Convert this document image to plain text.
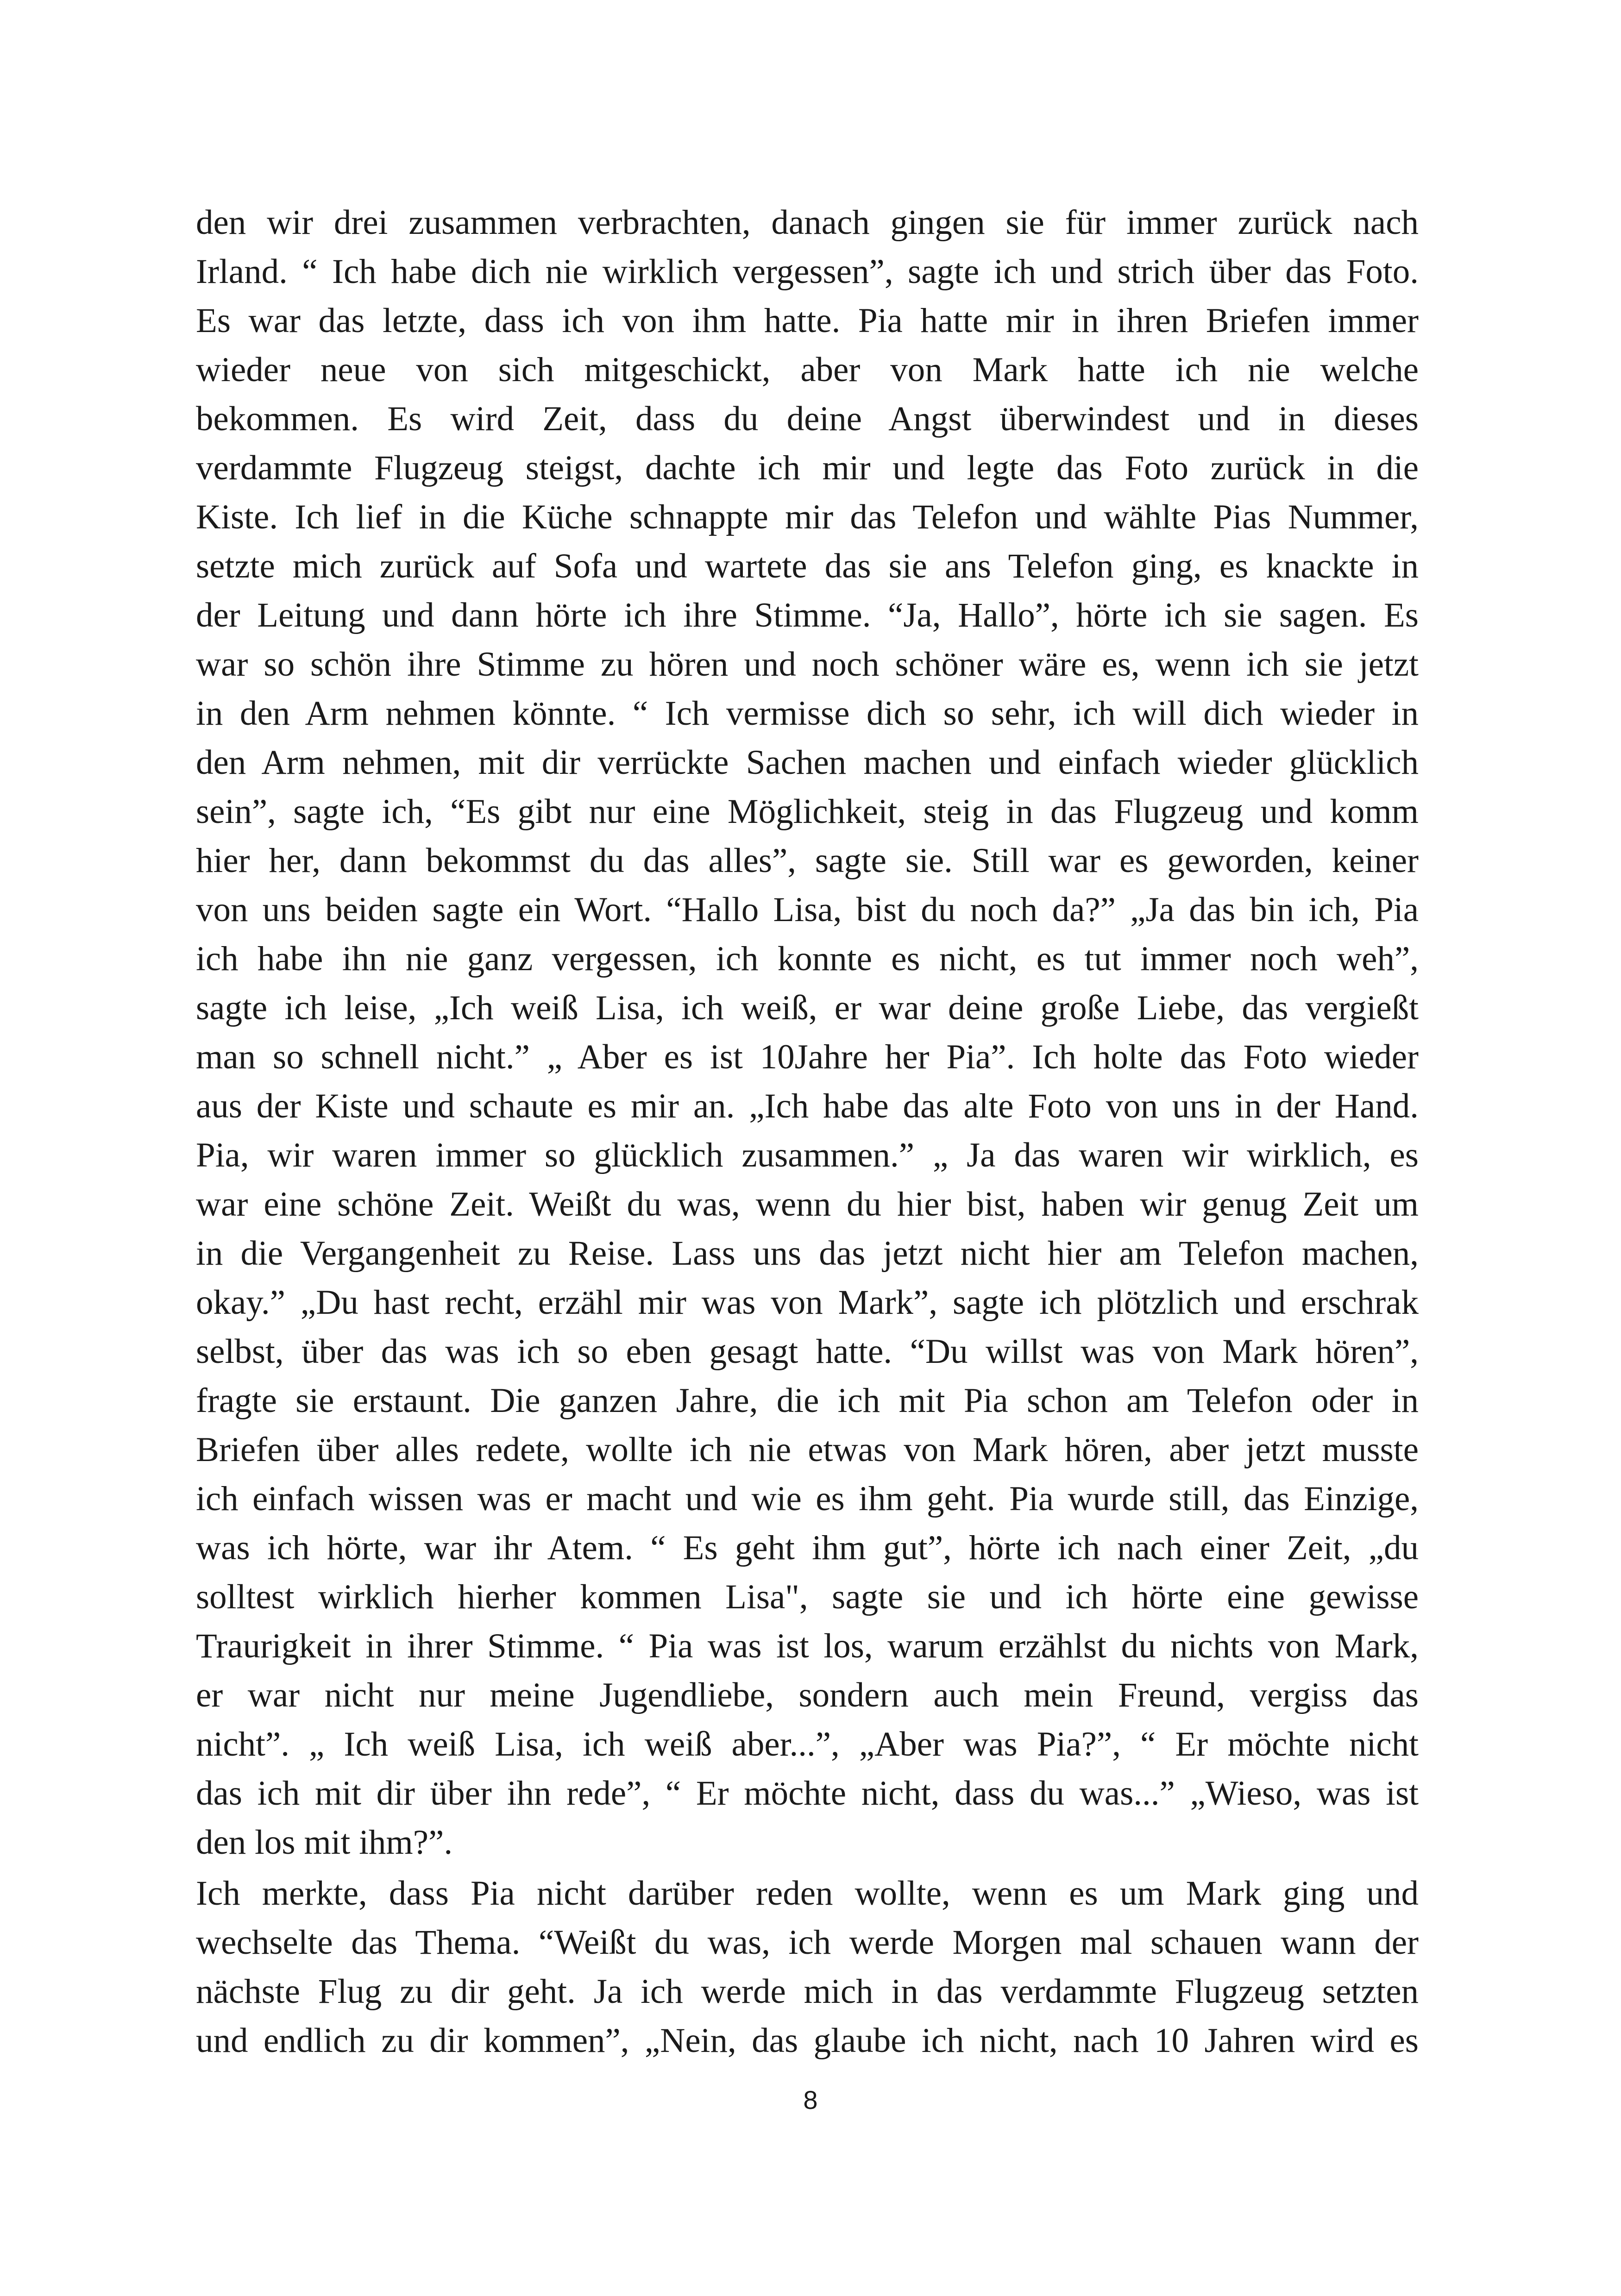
den wir drei zusammen verbrachten, danach gingen sie für immer zurück nach
Irland. “ Ich habe dich nie wirklich vergessen”, sagte ich und strich über das Foto.
Es war das letzte, dass ich von ihm hatte. Pia hatte mir in ihren Briefen immer
wieder neue von sich mitgeschickt, aber von Mark hatte ich nie welche
bekommen. Es wird Zeit, dass du deine Angst überwindest und in dieses
verdammte Flugzeug steigst, dachte ich mir und legte das Foto zurück in die
Kiste. Ich lief in die Küche schnappte mir das Telefon und wählte Pias Nummer,
setzte mich zurück auf Sofa und wartete das sie ans Telefon ging, es knackte in
der Leitung und dann hörte ich ihre Stimme. “Ja, Hallo”, hörte ich sie sagen. Es
war so schön ihre Stimme zu hören und noch schöner wäre es, wenn ich sie jetzt
in den Arm nehmen könnte. “ Ich vermisse dich so sehr, ich will dich wieder in
den Arm nehmen, mit dir verrückte Sachen machen und einfach wieder glücklich
sein”, sagte ich, “Es gibt nur eine Möglichkeit, steig in das Flugzeug und komm
hier her, dann bekommst du das alles”, sagte sie. Still war es geworden, keiner
von uns beiden sagte ein Wort. “Hallo Lisa, bist du noch da?” „Ja das bin ich, Pia
ich habe ihn nie ganz vergessen, ich konnte es nicht, es tut immer noch weh”,
sagte ich leise, „Ich weiß Lisa, ich weiß, er war deine große Liebe, das vergießt
man so schnell nicht.” „ Aber es ist 10Jahre her Pia”. Ich holte das Foto wieder
aus der Kiste und schaute es mir an. „Ich habe das alte Foto von uns in der Hand.
Pia, wir waren immer so glücklich zusammen.” „ Ja das waren wir wirklich, es
war eine schöne Zeit. Weißt du was, wenn du hier bist, haben wir genug Zeit um
in die Vergangenheit zu Reise. Lass uns das jetzt nicht hier am Telefon machen,
okay.” „Du hast recht, erzähl mir was von Mark”, sagte ich plötzlich und erschrak
selbst, über das was ich so eben gesagt hatte. “Du willst was von Mark hören”,
fragte sie erstaunt. Die ganzen Jahre, die ich mit Pia schon am Telefon oder in
Briefen über alles redete, wollte ich nie etwas von Mark hören, aber jetzt musste
ich einfach wissen was er macht und wie es ihm geht. Pia wurde still, das Einzige,
was ich hörte, war ihr Atem. “ Es geht ihm gut”, hörte ich nach einer Zeit, „du
solltest wirklich hierher kommen Lisa", sagte sie und ich hörte eine gewisse
Traurigkeit in ihrer Stimme. “ Pia was ist los, warum erzählst du nichts von Mark,
er war nicht nur meine Jugendliebe, sondern auch mein Freund, vergiss das
nicht”. „ Ich weiß Lisa, ich weiß aber...”, „Aber was Pia?”, “ Er möchte nicht
das ich mit dir über ihn rede”, “ Er möchte nicht, dass du was...” „Wieso, was ist
den los mit ihm?”.
Ich merkte, dass Pia nicht darüber reden wollte, wenn es um Mark ging und
wechselte das Thema. “Weißt du was, ich werde Morgen mal schauen wann der
nächste Flug zu dir geht. Ja ich werde mich in das verdammte Flugzeug setzten
und endlich zu dir kommen”, „Nein, das glaube ich nicht, nach 10 Jahren wird es
8
